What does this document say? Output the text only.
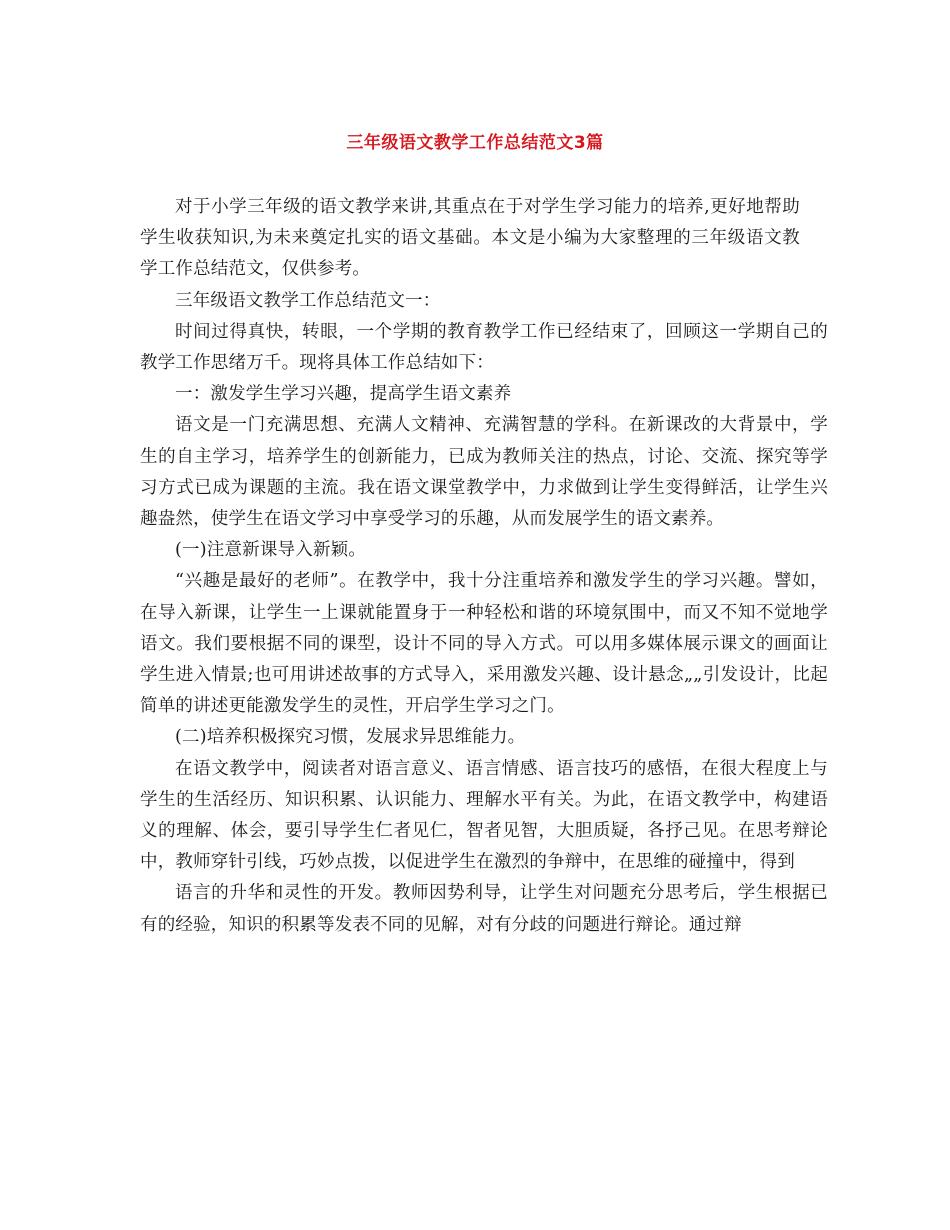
三年级语文教学工作总结范文3篇

对于小学三年级的语文教学来讲,其重点在于对学生学习能力的培养,更好地帮助学生收获知识,为未来奠定扎实的语文基础。本文是小编为大家整理的三年级语文教学工作总结范文，仅供参考。

三年级语文教学工作总结范文一：

时间过得真快，转眼，一个学期的教育教学工作已经结束了，回顾这一学期自己的教学工作思绪万千。现将具体工作总结如下：

一：激发学生学习兴趣，提高学生语文素养

语文是一门充满思想、充满人文精神、充满智慧的学科。在新课改的大背景中，学生的自主学习，培养学生的创新能力，已成为教师关注的热点，讨论、交流、探究等学习方式已成为课题的主流。我在语文课堂教学中，力求做到让学生变得鲜活，让学生兴趣盎然，使学生在语文学习中享受学习的乐趣，从而发展学生的语文素养。

(一)注意新课导入新颖。

“兴趣是最好的老师”。在教学中，我十分注重培养和激发学生的学习兴趣。譬如，在导入新课，让学生一上课就能置身于一种轻松和谐的环境氛围中，而又不知不觉地学语文。我们要根据不同的课型，设计不同的导入方式。可以用多媒体展示课文的画面让学生进入情景;也可用讲述故事的方式导入，采用激发兴趣、设计悬念„„引发设计，比起简单的讲述更能激发学生的灵性，开启学生学习之门。

(二)培养积极探究习惯，发展求异思维能力。

在语文教学中，阅读者对语言意义、语言情感、语言技巧的感悟，在很大程度上与学生的生活经历、知识积累、认识能力、理解水平有关。为此，在语文教学中，构建语义的理解、体会，要引导学生仁者见仁，智者见智，大胆质疑，各抒己见。在思考辩论中，教师穿针引线，巧妙点拨，以促进学生在激烈的争辩中，在思维的碰撞中，得到

语言的升华和灵性的开发。教师因势利导，让学生对问题充分思考后，学生根据已有的经验，知识的积累等发表不同的见解，对有分歧的问题进行辩论。通过辩
